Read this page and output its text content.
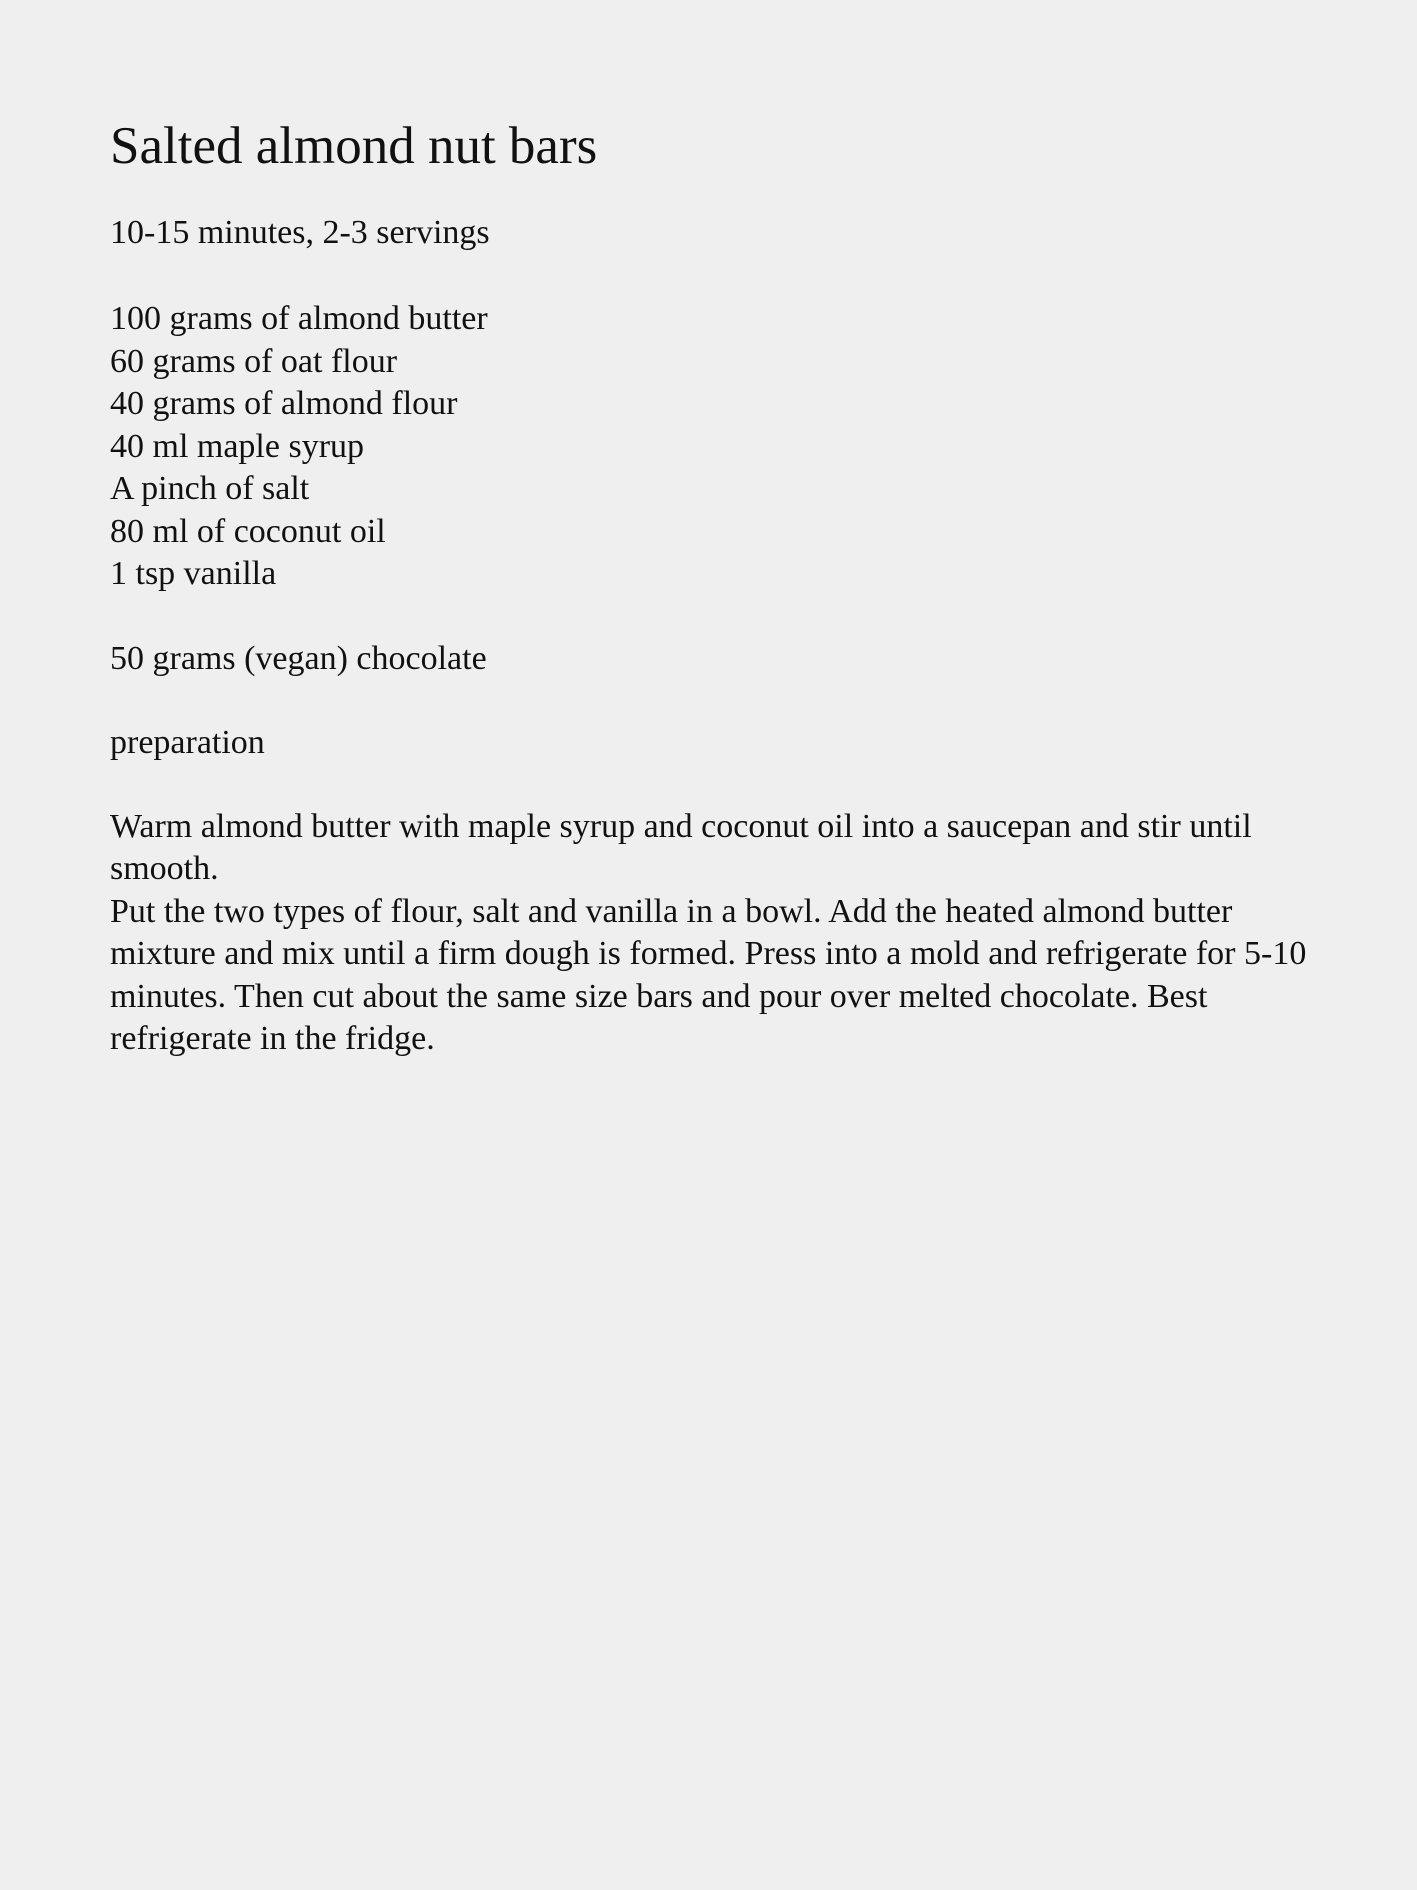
Salted almond nut bars

10-15 minutes, 2-3 servings

100 grams of almond butter
60 grams of oat flour
40 grams of almond flour
40 ml maple syrup
A pinch of salt
80 ml of coconut oil
1 tsp vanilla

50 grams (vegan) chocolate

preparation

Warm almond butter with maple syrup and coconut oil into a saucepan and stir until smooth.

Put the two types of flour, salt and vanilla in a bowl. Add the heated almond butter mixture and mix until a firm dough is formed. Press into a mold and refrigerate for 5-10 minutes. Then cut about the same size bars and pour over melted chocolate. Best refrigerate in the fridge.
